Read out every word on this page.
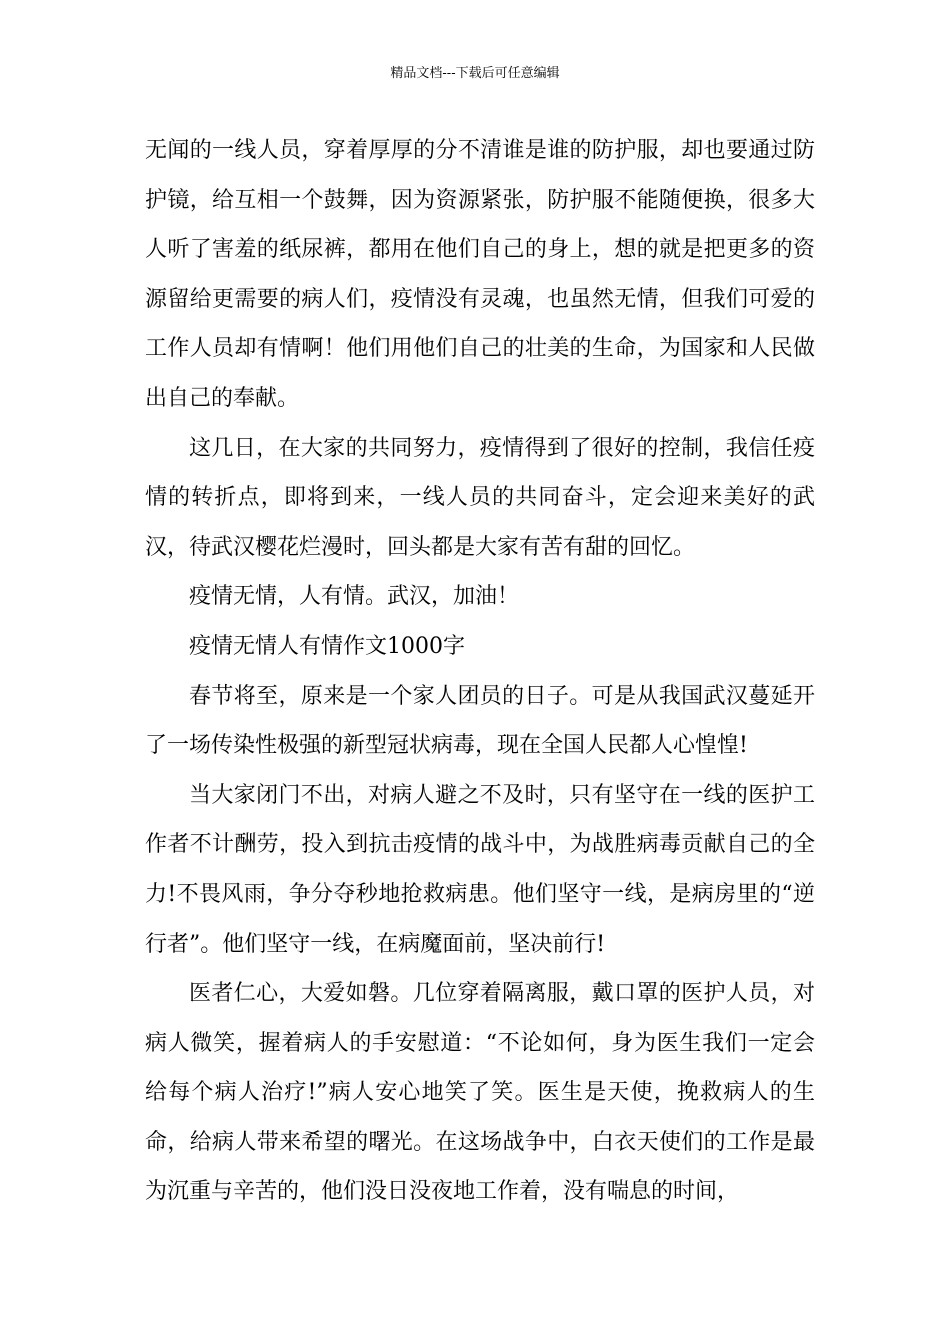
精品文档---下载后可任意编辑

无闻的一线人员，穿着厚厚的分不清谁是谁的防护服，却也要通过防护镜，给互相一个鼓舞，因为资源紧张，防护服不能随便换，很多大人听了害羞的纸尿裤，都用在他们自己的身上，想的就是把更多的资源留给更需要的病人们，疫情没有灵魂，也虽然无情，但我们可爱的工作人员却有情啊！他们用他们自己的壮美的生命，为国家和人民做出自己的奉献。

这几日，在大家的共同努力，疫情得到了很好的控制，我信任疫情的转折点，即将到来，一线人员的共同奋斗，定会迎来美好的武汉，待武汉樱花烂漫时，回头都是大家有苦有甜的回忆。

疫情无情，人有情。武汉，加油！

疫情无情人有情作文1000字

春节将至，原来是一个家人团员的日子。可是从我国武汉蔓延开了一场传染性极强的新型冠状病毒，现在全国人民都人心惶惶!

当大家闭门不出，对病人避之不及时，只有坚守在一线的医护工作者不计酬劳，投入到抗击疫情的战斗中，为战胜病毒贡献自己的全力!不畏风雨，争分夺秒地抢救病患。他们坚守一线，是病房里的“逆行者”。他们坚守一线，在病魔面前，坚决前行!

医者仁心，大爱如磐。几位穿着隔离服，戴口罩的医护人员，对病人微笑，握着病人的手安慰道：“不论如何，身为医生我们一定会给每个病人治疗!”病人安心地笑了笑。医生是天使，挽救病人的生命，给病人带来希望的曙光。在这场战争中，白衣天使们的工作是最为沉重与辛苦的，他们没日没夜地工作着，没有喘息的时间，
